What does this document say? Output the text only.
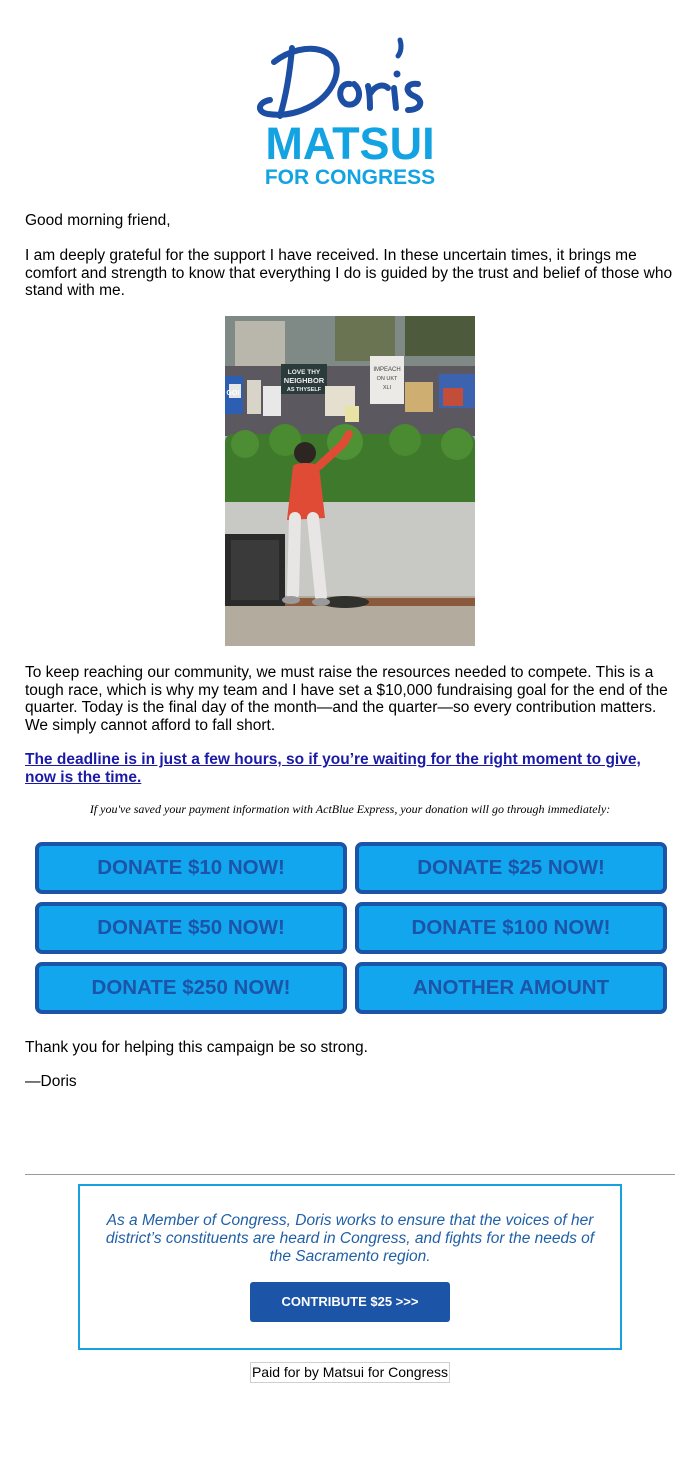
MATSUI
FOR CONGRESS

Good morning friend,

I am deeply grateful for the support I have received. In these uncertain times, it brings me comfort and strength to know that everything I do is guided by the trust and belief of those who stand with me.

LOVE THY
NEIGHBOR
AS THYSELF
IMPEACH
ON UKT
XLI
GO!

To keep reaching our community, we must raise the resources needed to compete. This is a tough race, which is why my team and I have set a $10,000 fundraising goal for the end of the quarter. Today is the final day of the month—and the quarter—so every contribution matters. We simply cannot afford to fall short.

The deadline is in just a few hours, so if you’re waiting for the right moment to give, now is the time.
If you've saved your payment information with ActBlue Express, your donation will go through immediately:
DONATE $10 NOW!	DONATE $25 NOW!
DONATE $50 NOW!	DONATE $100 NOW!
DONATE $250 NOW!	ANOTHER AMOUNT

Thank you for helping this campaign be so strong.

—Doris

As a Member of Congress, Doris works to ensure that the voices of her district’s constituents are heard in Congress, and fights for the needs of the Sacramento region.
CONTRIBUTE $25 >>>
Paid for by Matsui for Congress
